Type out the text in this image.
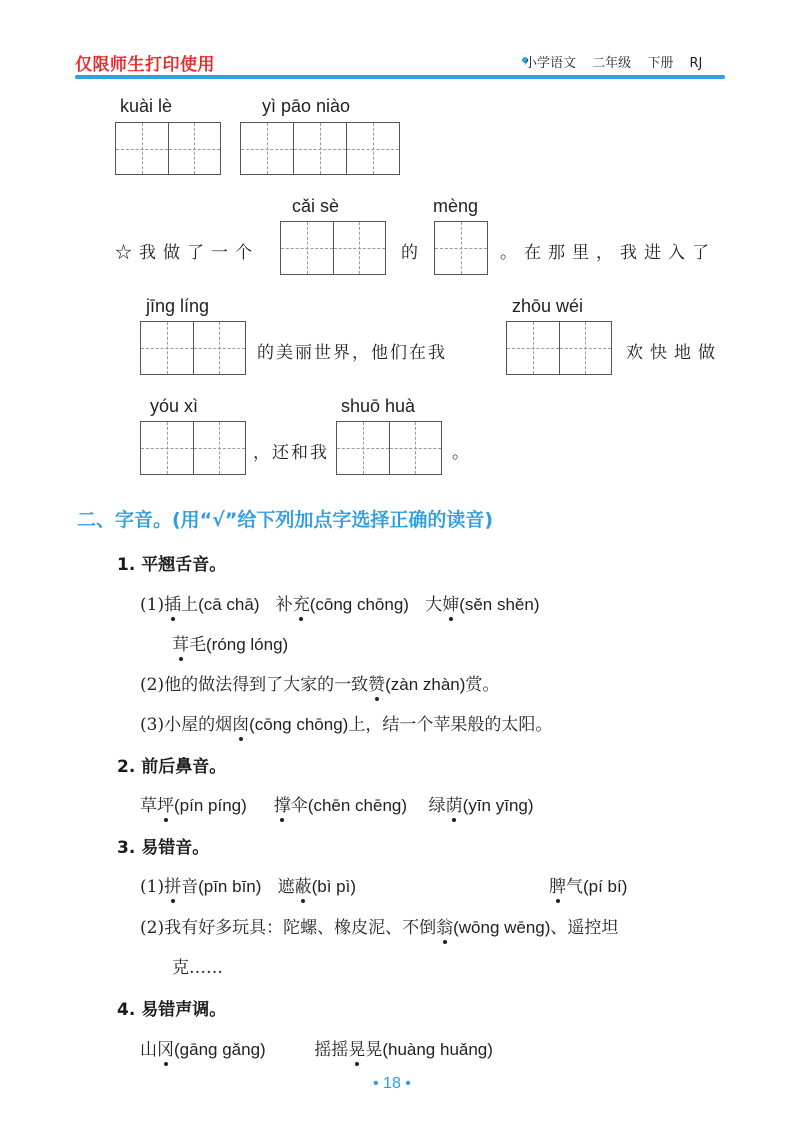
仅限师生打印使用	小学语文 二年级 下册 RJ
kuài lè	yì pāo niào
cǎi sè	mèng
☆我做了一个	的	。在那里，我进入了
jīng líng	zhōu wéi
的美丽世界，他们在我	欢快地做
yóu xì	shuō huà
，还和我	。
二、字音。(用“√”给下列加点字选择正确的读音)
1. 平翘舌音。
(1)插上(cā chā) 补充(cōng chōng) 大婶(sěn shěn)
茸毛(róng lóng)
(2)他的做法得到了大家的一致赞(zàn zhàn)赏。
(3)小屋的烟囱(cōng chōng)上，结一个苹果般的太阳。
2. 前后鼻音。
草坪(pín píng) 撑伞(chēn chēng) 绿荫(yīn yīng)
3. 易错音。
(1)拼音(pīn bīn) 遮蔽(bì pì)	脾气(pí bí)
(2)我有好多玩具：陀螺、橡皮泥、不倒翁(wōng wēng)、遥控坦
克……
4. 易错声调。
山冈(gāng gǎng)	摇摇晃晃(huàng huǎng)
• 18 •
